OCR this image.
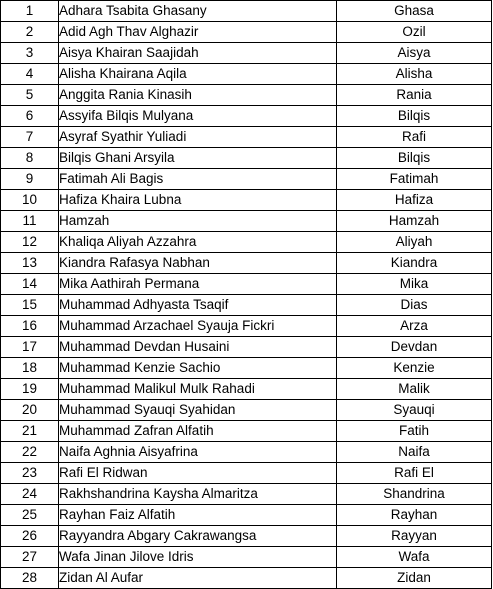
1	Adhara Tsabita Ghasany	Ghasa
2	Adid Agh Thav Alghazir	Ozil
3	Aisya Khairan Saajidah	Aisya
4	Alisha Khairana Aqila	Alisha
5	Anggita Rania Kinasih	Rania
6	Assyifa Bilqis Mulyana	Bilqis
7	Asyraf Syathir Yuliadi	Rafi
8	Bilqis Ghani Arsyila	Bilqis
9	Fatimah Ali Bagis	Fatimah
10	Hafiza Khaira Lubna	Hafiza
11	Hamzah	Hamzah
12	Khaliqa Aliyah Azzahra	Aliyah
13	Kiandra Rafasya Nabhan	Kiandra
14	Mika Aathirah Permana	Mika
15	Muhammad Adhyasta Tsaqif	Dias
16	Muhammad Arzachael Syauja Fickri	Arza
17	Muhammad Devdan Husaini	Devdan
18	Muhammad Kenzie Sachio	Kenzie
19	Muhammad Malikul Mulk Rahadi	Malik
20	Muhammad Syauqi Syahidan	Syauqi
21	Muhammad Zafran Alfatih	Fatih
22	Naifa Aghnia Aisyafrina	Naifa
23	Rafi El Ridwan	Rafi El
24	Rakhshandrina Kaysha Almaritza	Shandrina
25	Rayhan Faiz Alfatih	Rayhan
26	Rayyandra Abgary Cakrawangsa	Rayyan
27	Wafa Jinan Jilove Idris	Wafa
28	Zidan Al Aufar	Zidan
